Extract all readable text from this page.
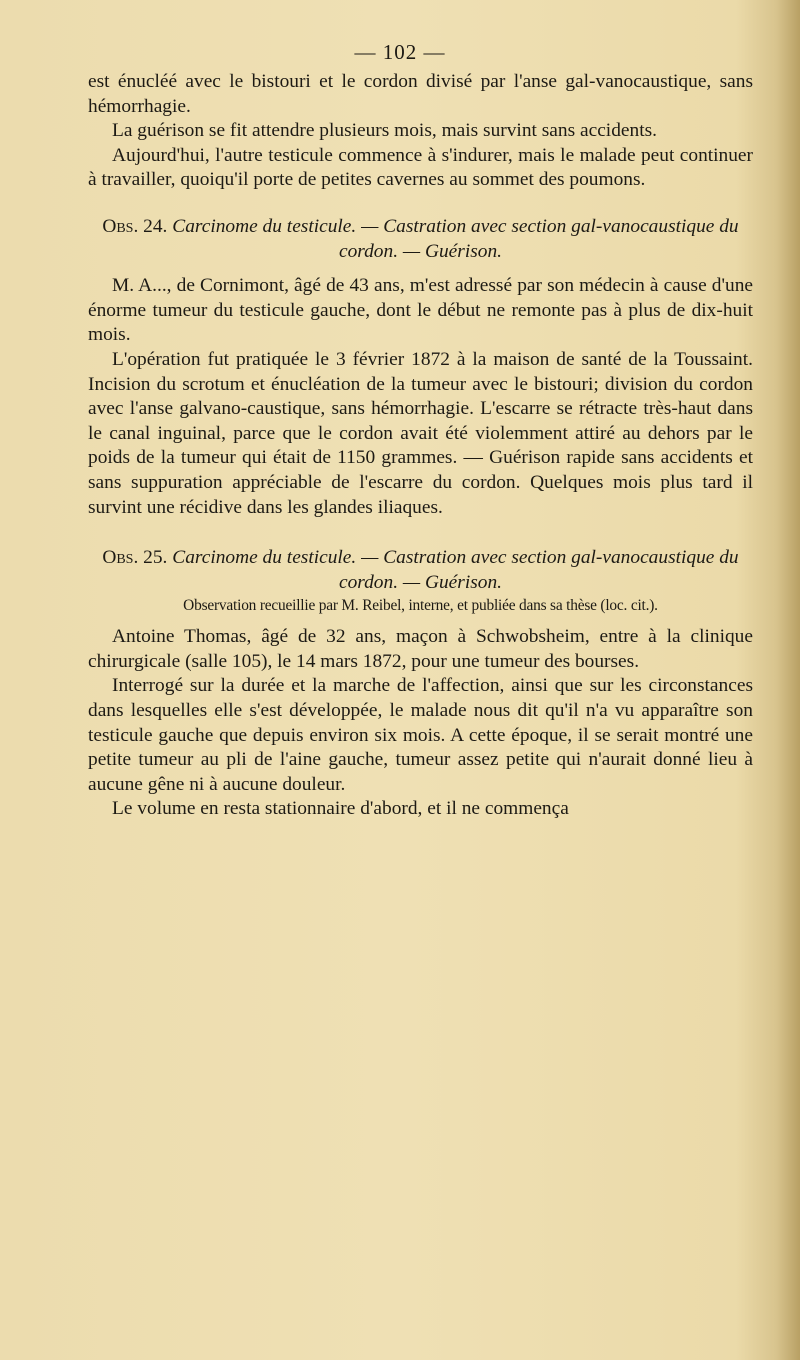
— 102 —

est énucléé avec le bistouri et le cordon divisé par l'anse gal-vanocaustique, sans hémorrhagie.

La guérison se fit attendre plusieurs mois, mais survint sans accidents.

Aujourd'hui, l'autre testicule commence à s'indurer, mais le malade peut continuer à travailler, quoiqu'il porte de petites cavernes au sommet des poumons.

Obs. 24. Carcinome du testicule. — Castration avec section gal-vanocaustique du cordon. — Guérison.

M. A..., de Cornimont, âgé de 43 ans, m'est adressé par son médecin à cause d'une énorme tumeur du testicule gauche, dont le début ne remonte pas à plus de dix-huit mois.

L'opération fut pratiquée le 3 février 1872 à la maison de santé de la Toussaint. Incision du scrotum et énucléation de la tumeur avec le bistouri; division du cordon avec l'anse galvano-caustique, sans hémorrhagie. L'escarre se rétracte très-haut dans le canal inguinal, parce que le cordon avait été violemment attiré au dehors par le poids de la tumeur qui était de 1150 grammes. — Guérison rapide sans accidents et sans suppuration appréciable de l'escarre du cordon. Quelques mois plus tard il survint une récidive dans les glandes iliaques.

Obs. 25. Carcinome du testicule. — Castration avec section gal-vanocaustique du cordon. — Guérison.

Observation recueillie par M. Reibel, interne, et publiée dans sa thèse (loc. cit.).

Antoine Thomas, âgé de 32 ans, maçon à Schwobsheim, entre à la clinique chirurgicale (salle 105), le 14 mars 1872, pour une tumeur des bourses.

Interrogé sur la durée et la marche de l'affection, ainsi que sur les circonstances dans lesquelles elle s'est développée, le malade nous dit qu'il n'a vu apparaître son testicule gauche que depuis environ six mois. A cette époque, il se serait montré une petite tumeur au pli de l'aine gauche, tumeur assez petite qui n'aurait donné lieu à aucune gêne ni à aucune douleur.

Le volume en resta stationnaire d'abord, et il ne commença
